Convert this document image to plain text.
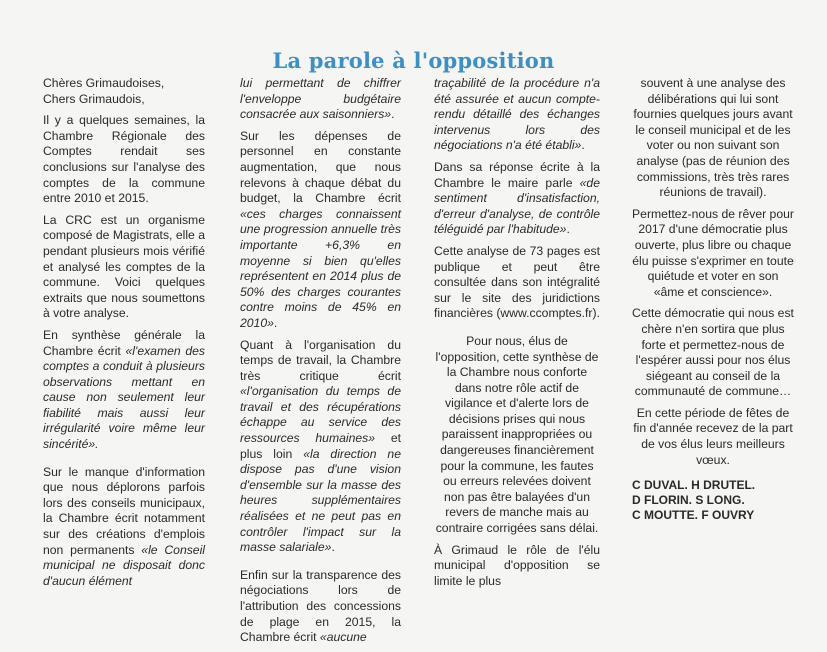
La parole à l'opposition

Chères Grimaudoises,
Chers Grimaudois,

Il y a quelques semaines, la Chambre Régionale des Comptes rendait ses conclusions sur l'analyse des comptes de la commune entre 2010 et 2015.

La CRC est un organisme composé de Magistrats, elle a pendant plusieurs mois vérifié et analysé les comptes de la commune. Voici quelques extraits que nous soumettons à votre analyse.

En synthèse générale la Chambre écrit «l'examen des comptes a conduit à plusieurs observations mettant en cause non seulement leur fiabilité mais aussi leur irrégularité voire même leur sincérité».

Sur le manque d'information que nous déplorons parfois lors des conseils municipaux, la Chambre écrit notamment sur des créations d'emplois non permanents «le Conseil municipal ne disposait donc d'aucun élément

lui permettant de chiffrer l'enveloppe budgétaire consacrée aux saisonniers».

Sur les dépenses de personnel en constante augmentation, que nous relevons à chaque débat du budget, la Chambre écrit «ces charges connaissent une progression annuelle très importante +6,3% en moyenne si bien qu'elles représentent en 2014 plus de 50% des charges courantes contre moins de 45% en 2010».

Quant à l'organisation du temps de travail, la Chambre très critique écrit «l'organisation du temps de travail et des récupérations échappe au service des ressources humaines» et plus loin «la direction ne dispose pas d'une vision d'ensemble sur la masse des heures supplémentaires réalisées et ne peut pas en contrôler l'impact sur la masse salariale».

Enfin sur la transparence des négociations lors de l'attribution des concessions de plage en 2015, la Chambre écrit «aucune

traçabilité de la procédure n'a été assurée et aucun compte-rendu détaillé des échanges intervenus lors des négociations n'a été établi».

Dans sa réponse écrite à la Chambre le maire parle «de sentiment d'insatisfaction, d'erreur d'analyse, de contrôle téléguidé par l'habitude».

Cette analyse de 73 pages est publique et peut être consultée dans son intégralité sur le site des juridictions financières (www.ccomptes.fr).

Pour nous, élus de l'opposition, cette synthèse de la Chambre nous conforte dans notre rôle actif de vigilance et d'alerte lors de décisions prises qui nous paraissent inappropriées ou dangereuses financièrement pour la commune, les fautes ou erreurs relevées doivent non pas être balayées d'un revers de manche mais au contraire corrigées sans délai.

À Grimaud le rôle de l'élu municipal d'opposition se limite le plus

souvent à une analyse des délibérations qui lui sont fournies quelques jours avant le conseil municipal et de les voter ou non suivant son analyse (pas de réunion des commissions, très très rares réunions de travail).

Permettez-nous de rêver pour 2017 d'une démocratie plus ouverte, plus libre ou chaque élu puisse s'exprimer en toute quiétude et voter en son «âme et conscience».

Cette démocratie qui nous est chère n'en sortira que plus forte et permettez-nous de l'espérer aussi pour nos élus siégeant au conseil de la communauté de commune…

En cette période de fêtes de fin d'année recevez de la part de vos élus leurs meilleurs vœux.

C DUVAL. H DRUTEL.
D FLORIN. S LONG.
C MOUTTE. F OUVRY
